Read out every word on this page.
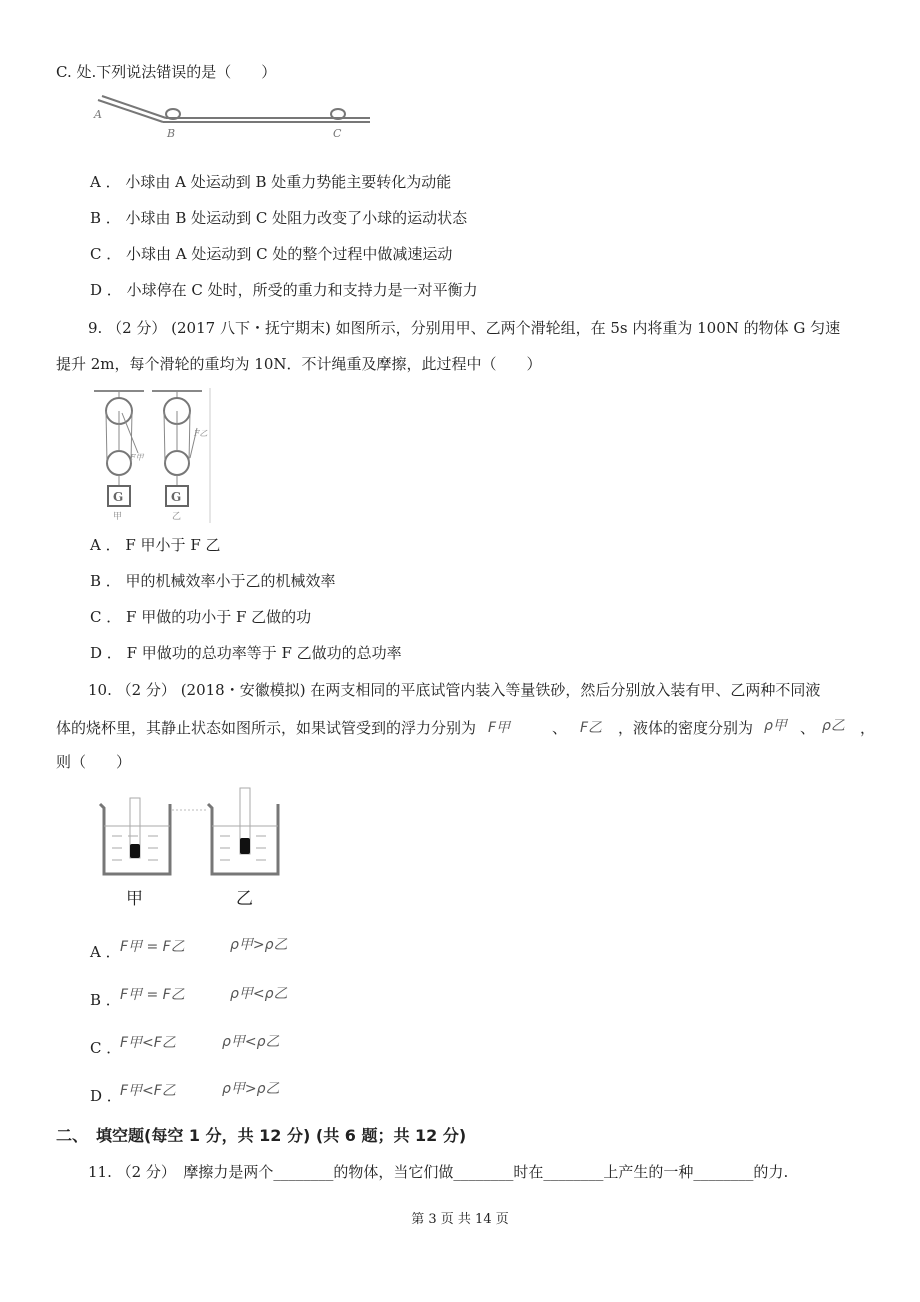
C. 处.下列说法错误的是（　　）
A
B	C
A ． 小球由 A 处运动到 B 处重力势能主要转化为动能
B ． 小球由 B 处运动到 C 处阻力改变了小球的运动状态
C ． 小球由 A 处运动到 C 处的整个过程中做减速运动
D ． 小球停在 C 处时，所受的重力和支持力是一对平衡力
9. （2 分） (2017 八下・抚宁期末) 如图所示，分别用甲、乙两个滑轮组，在 5s 内将重为 100N 的物体 G 匀速
提升 2m，每个滑轮的重均为 10N．不计绳重及摩擦，此过程中（　　）
G	G
甲	乙
F甲
F乙
A ． F 甲小于 F 乙
B ． 甲的机械效率小于乙的机械效率
C ． F 甲做的功小于 F 乙做的功
D ． F 甲做功的总功率等于 F 乙做功的总功率
10. （2 分） (2018・安徽模拟) 在两支相同的平底试管内装入等量铁砂，然后分别放入装有甲、乙两种不同液
体的烧杯里，其静止状态如图所示，如果试管受到的浮力分别为 F甲	、 F乙 ，液体的密度分别为 ρ甲 、 ρ乙 ，
则（　　）
甲	乙
A ． F甲 = F乙	ρ甲>ρ乙
B ． F甲 = F乙	ρ甲<ρ乙
C ．
F甲<F乙	ρ甲<ρ乙
D ．
F甲<F乙	ρ甲>ρ乙
二、　填空题(每空 1 分，共 12 分) (共 6 题；共 12 分)
11. （2 分）　摩擦力是两个________的物体，当它们做________时在________上产生的一种________的力.
第 3 页 共 14 页
